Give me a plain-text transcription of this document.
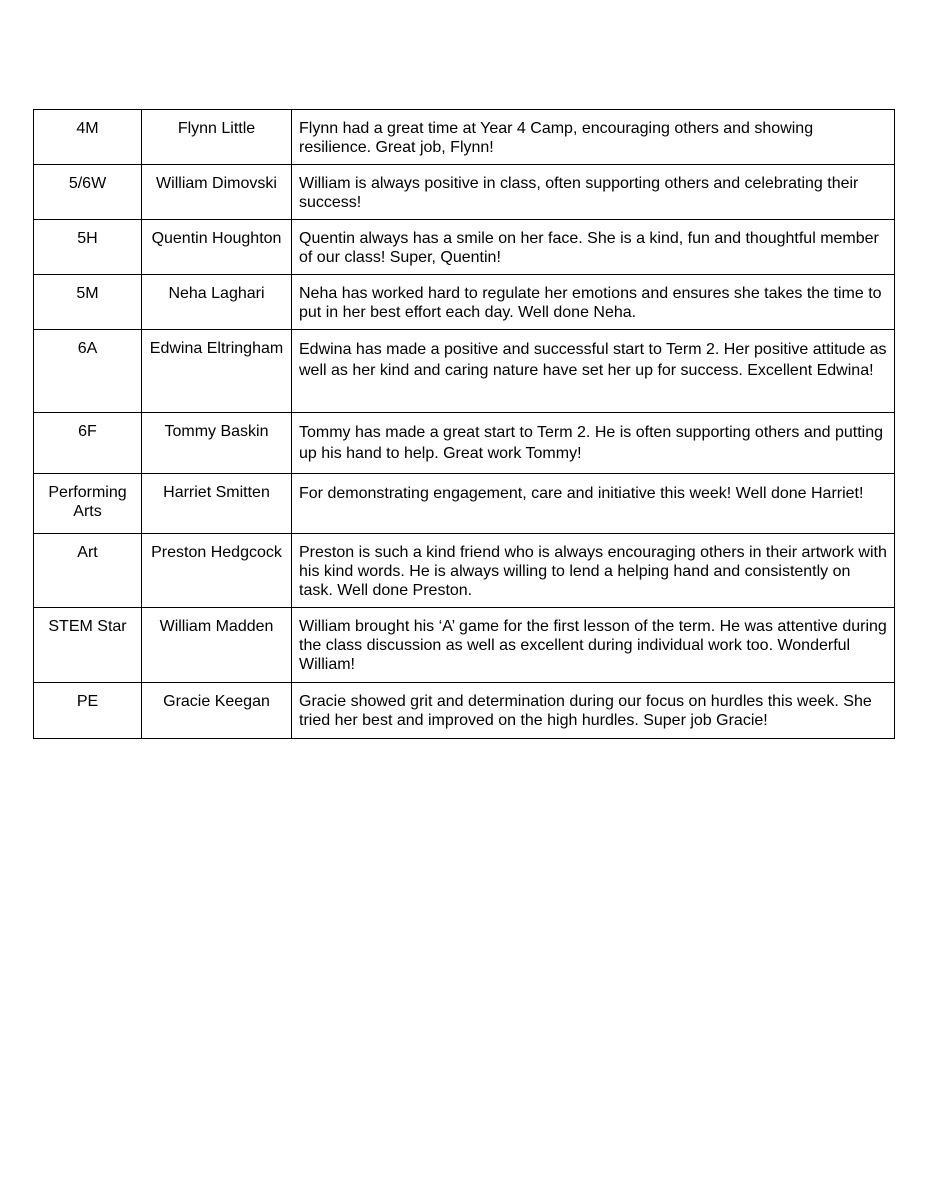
4M	Flynn Little	Flynn had a great time at Year 4 Camp, encouraging others and showing resilience. Great job, Flynn!
5/6W	William Dimovski	William is always positive in class, often supporting others and celebrating their success!
5H	Quentin Houghton	Quentin always has a smile on her face. She is a kind, fun and thoughtful member of our class! Super, Quentin!
5M	Neha Laghari	Neha has worked hard to regulate her emotions and ensures she takes the time to put in her best effort each day. Well done Neha.
6A	Edwina Eltringham	Edwina has made a positive and successful start to Term 2. Her positive attitude as well as her kind and caring nature have set her up for success. Excellent Edwina!
6F	Tommy Baskin	Tommy has made a great start to Term 2. He is often supporting others and putting up his hand to help. Great work Tommy!
Performing Arts	Harriet Smitten	For demonstrating engagement, care and initiative this week! Well done Harriet!
Art	Preston Hedgcock	Preston is such a kind friend who is always encouraging others in their artwork with his kind words. He is always willing to lend a helping hand and consistently on task. Well done Preston.
STEM Star	William Madden	William brought his ‘A’ game for the first lesson of the term. He was attentive during the class discussion as well as excellent during individual work too. Wonderful William!
PE	Gracie Keegan	Gracie showed grit and determination during our focus on hurdles this week. She tried her best and improved on the high hurdles. Super job Gracie!
